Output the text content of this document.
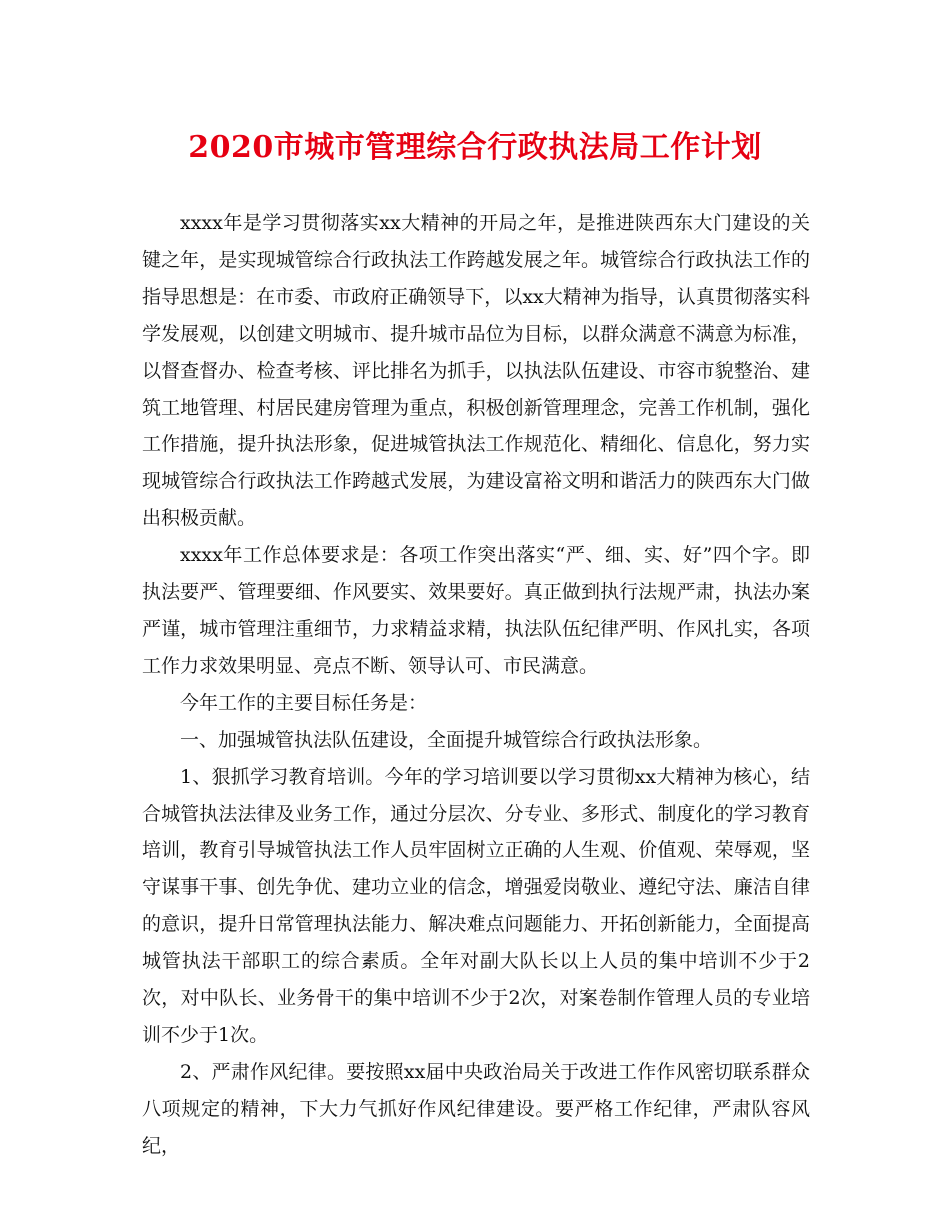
2020市城市管理综合行政执法局工作计划

xxxx年是学习贯彻落实xx大精神的开局之年，是推进陕西东大门建设的关键之年，是实现城管综合行政执法工作跨越发展之年。城管综合行政执法工作的指导思想是：在市委、市政府正确领导下，以xx大精神为指导，认真贯彻落实科学发展观，以创建文明城市、提升城市品位为目标，以群众满意不满意为标准，以督查督办、检查考核、评比排名为抓手，以执法队伍建设、市容市貌整治、建筑工地管理、村居民建房管理为重点，积极创新管理理念，完善工作机制，强化工作措施，提升执法形象，促进城管执法工作规范化、精细化、信息化，努力实现城管综合行政执法工作跨越式发展，为建设富裕文明和谐活力的陕西东大门做出积极贡献。

xxxx年工作总体要求是：各项工作突出落实“严、细、实、好”四个字。即执法要严、管理要细、作风要实、效果要好。真正做到执行法规严肃，执法办案严谨，城市管理注重细节，力求精益求精，执法队伍纪律严明、作风扎实，各项工作力求效果明显、亮点不断、领导认可、市民满意。

今年工作的主要目标任务是：

一、加强城管执法队伍建设，全面提升城管综合行政执法形象。

1、狠抓学习教育培训。今年的学习培训要以学习贯彻xx大精神为核心，结合城管执法法律及业务工作，通过分层次、分专业、多形式、制度化的学习教育培训，教育引导城管执法工作人员牢固树立正确的人生观、价值观、荣辱观，坚守谋事干事、创先争优、建功立业的信念，增强爱岗敬业、遵纪守法、廉洁自律的意识，提升日常管理执法能力、解决难点问题能力、开拓创新能力，全面提高城管执法干部职工的综合素质。全年对副大队长以上人员的集中培训不少于2次，对中队长、业务骨干的集中培训不少于2次，对案卷制作管理人员的专业培训不少于1次。

2、严肃作风纪律。要按照xx届中央政治局关于改进工作作风密切联系群众八项规定的精神，下大力气抓好作风纪律建设。要严格工作纪律，严肃队容风纪，
